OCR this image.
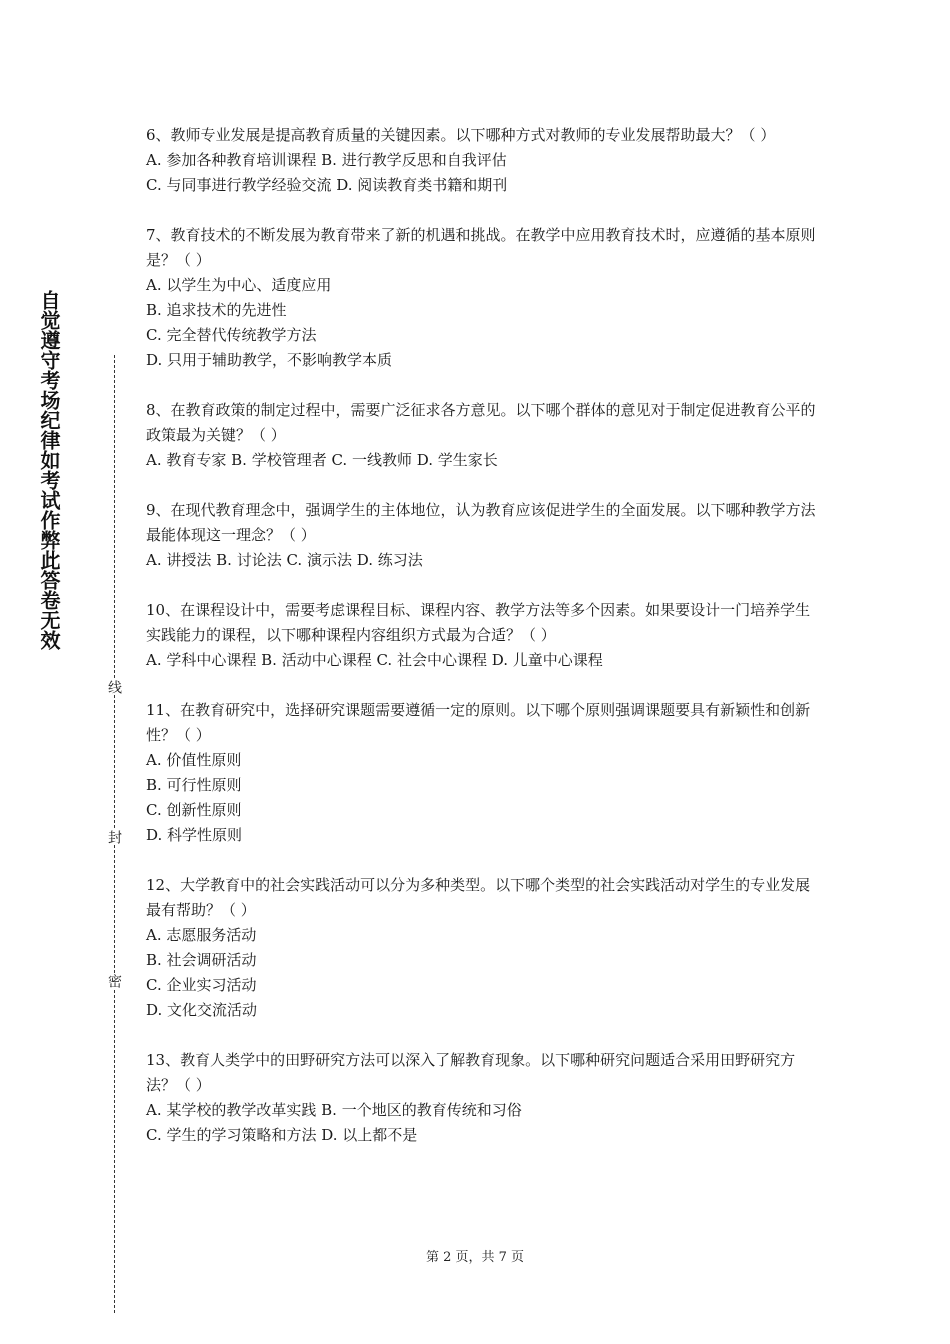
自觉遵守考场纪律如考试作弊此答卷无效
线
封
密
6、教师专业发展是提高教育质量的关键因素。以下哪种方式对教师的专业发展帮助最大？（ ）
A. 参加各种教育培训课程 B. 进行教学反思和自我评估
C. 与同事进行教学经验交流 D. 阅读教育类书籍和期刊
7、教育技术的不断发展为教育带来了新的机遇和挑战。在教学中应用教育技术时，应遵循的基本原则是？（ ）
A. 以学生为中心、适度应用
B. 追求技术的先进性
C. 完全替代传统教学方法
D. 只用于辅助教学，不影响教学本质
8、在教育政策的制定过程中，需要广泛征求各方意见。以下哪个群体的意见对于制定促进教育公平的政策最为关键？（ ）
A. 教育专家 B. 学校管理者 C. 一线教师 D. 学生家长
9、在现代教育理念中，强调学生的主体地位，认为教育应该促进学生的全面发展。以下哪种教学方法最能体现这一理念？（ ）
A. 讲授法 B. 讨论法 C. 演示法 D. 练习法
10、在课程设计中，需要考虑课程目标、课程内容、教学方法等多个因素。如果要设计一门培养学生实践能力的课程，以下哪种课程内容组织方式最为合适？（ ）
A. 学科中心课程 B. 活动中心课程 C. 社会中心课程 D. 儿童中心课程
11、在教育研究中，选择研究课题需要遵循一定的原则。以下哪个原则强调课题要具有新颖性和创新性？（ ）
A. 价值性原则
B. 可行性原则
C. 创新性原则
D. 科学性原则
12、大学教育中的社会实践活动可以分为多种类型。以下哪个类型的社会实践活动对学生的专业发展最有帮助？（ ）
A. 志愿服务活动
B. 社会调研活动
C. 企业实习活动
D. 文化交流活动
13、教育人类学中的田野研究方法可以深入了解教育现象。以下哪种研究问题适合采用田野研究方法？（ ）
A. 某学校的教学改革实践 B. 一个地区的教育传统和习俗
C. 学生的学习策略和方法 D. 以上都不是
第 2 页，共 7 页
